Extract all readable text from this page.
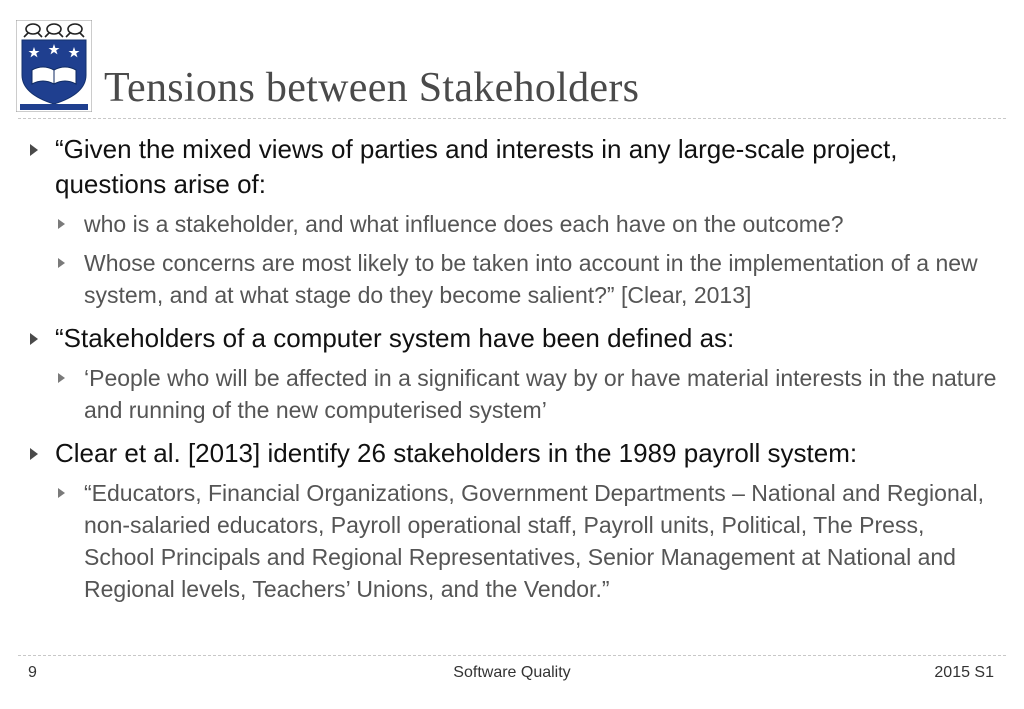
Tensions between Stakeholders
“Given the mixed views of parties and interests in any large-scale project, questions arise of:
who is a stakeholder, and what influence does each have on the outcome?
Whose concerns are most likely to be taken into account in the implementation of a new system, and at what stage do they become salient?” [Clear, 2013]
“Stakeholders of a computer system have been defined as:
‘People who will be affected in a significant way by or have material interests in the nature and running of the new computerised system’
Clear et al. [2013] identify 26 stakeholders in the 1989 payroll system:
“Educators, Financial Organizations, Government Departments – National and Regional, non-salaried educators, Payroll operational staff, Payroll units, Political, The Press, School Principals and Regional Representatives, Senior Management at National and Regional levels, Teachers’ Unions, and the Vendor.”
Software Quality
9	2015 S1
